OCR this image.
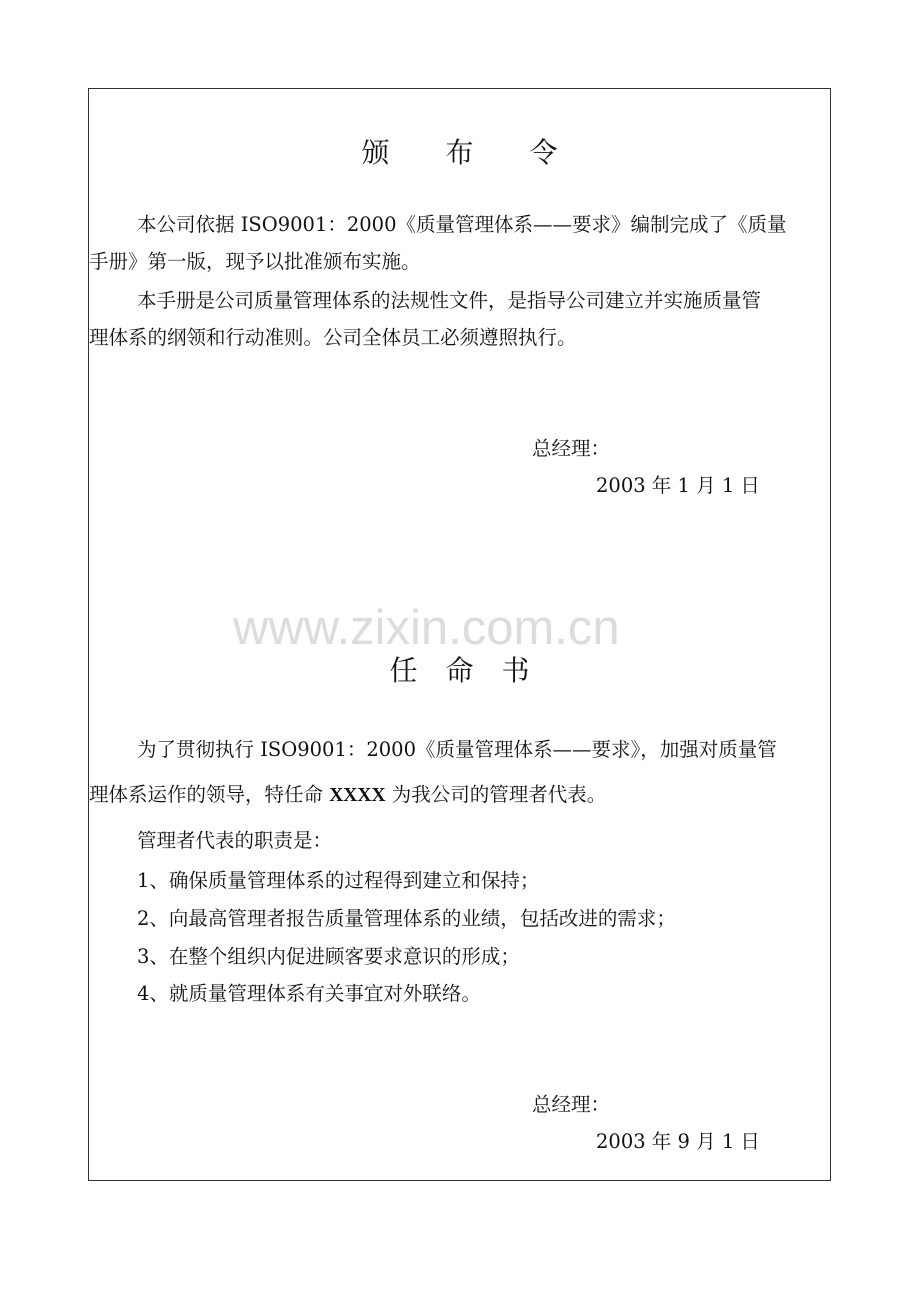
颁　　布　　令
本公司依据 ISO9001：2000《质量管理体系——要求》编制完成了《质量
手册》第一版，现予以批准颁布实施。
本手册是公司质量管理体系的法规性文件，是指导公司建立并实施质量管
理体系的纲领和行动准则。公司全体员工必须遵照执行。
总经理：
2003 年 1 月 1 日
任　命　书
为了贯彻执行 ISO9001：2000《质量管理体系——要求》，加强对质量管
理体系运作的领导，特任命 XXXX 为我公司的管理者代表。
管理者代表的职责是：
1、确保质量管理体系的过程得到建立和保持；
2、向最高管理者报告质量管理体系的业绩，包括改进的需求；
3、在整个组织内促进顾客要求意识的形成；
4、就质量管理体系有关事宜对外联络。
总经理：
2003 年 9 月 1 日
www.zixin.com.cn
